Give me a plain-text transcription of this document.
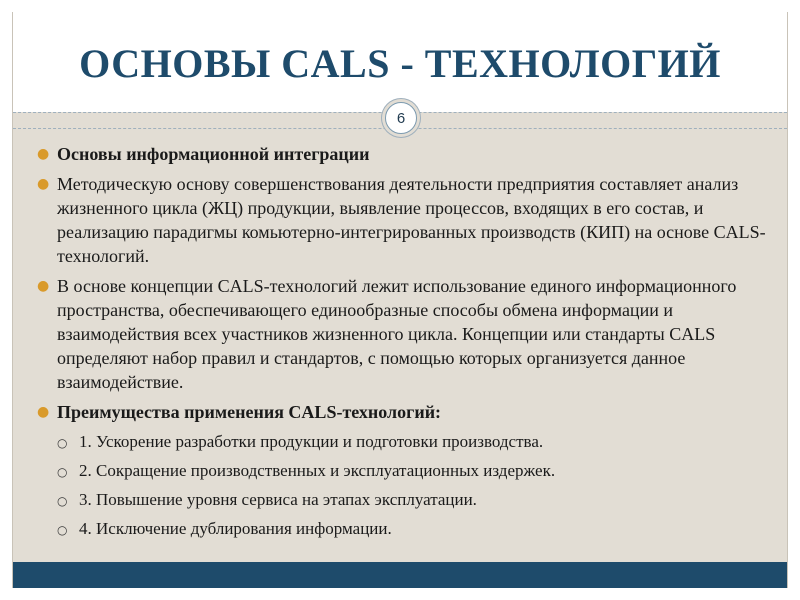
ОСНОВЫ CALS - ТЕХНОЛОГИЙ
6
● Основы информационной интеграции
● Методическую основу совершенствования деятельности предприятия составляет анализ жизненного цикла (ЖЦ) продукции, выявление процессов, входящих в его состав, и реализацию парадигмы комьютерно-интегрированных производств (КИП) на основе CALS-технологий.
● В основе концепции CALS-технологий лежит использование единого информационного пространства, обеспечивающего единообразные способы обмена информации и взаимодействия всех участников жизненного цикла. Концепции или стандарты CALS определяют набор правил и стандартов, с помощью которых организуется данное взаимодействие.
● Преимущества применения CALS-технологий:
○ 1. Ускорение разработки продукции и подготовки производства.
○ 2. Сокращение производственных и эксплуатационных издержек.
○ 3. Повышение уровня сервиса на этапах эксплуатации.
○ 4. Исключение дублирования информации.
